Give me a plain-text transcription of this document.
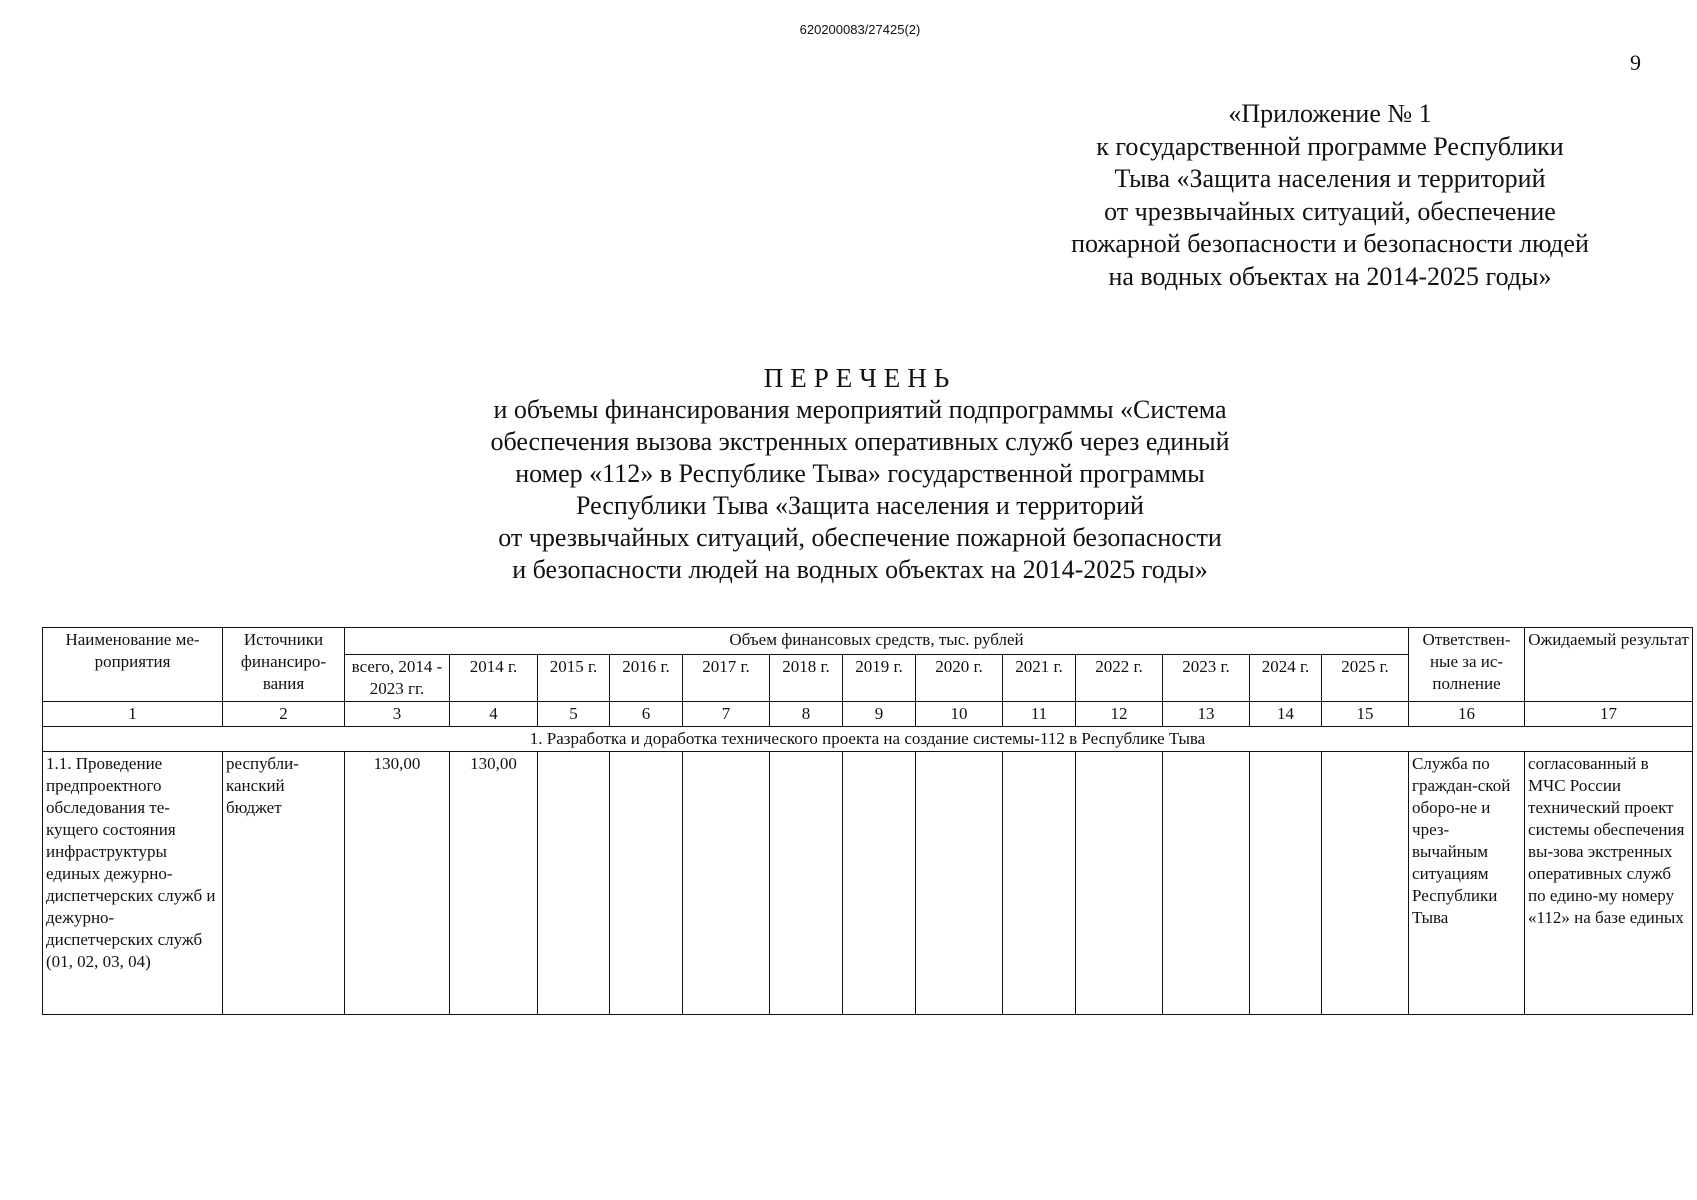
620200083/27425(2)
9
«Приложение № 1
к государственной программе Республики
Тыва «Защита населения и территорий
от чрезвычайных ситуаций, обеспечение
пожарной безопасности и безопасности людей
на водных объектах на 2014-2025 годы»
ПЕРЕЧЕНЬ
и объемы финансирования мероприятий подпрограммы «Система
обеспечения вызова экстренных оперативных служб через единый
номер «112» в Республике Тыва» государственной программы
Республики Тыва «Защита населения и территорий
от чрезвычайных ситуаций, обеспечение пожарной безопасности
и безопасности людей на водных объектах на 2014-2025 годы»
Наименование ме-роприятия	Источники финансиро-вания	Объем финансовых средств, тыс. рублей													Ответствен-ные за ис-полнение	Ожидаемый результат
		всего, 2014 - 2023 гг.	2014 г.	2015 г.	2016 г.	2017 г.	2018 г.	2019 г.	2020 г.	2021 г.	2022 г.	2023 г.	2024 г.	2025 г.		
1	2	3	4	5	6	7	8	9	10	11	12	13	14	15	16	17
1. Разработка и доработка технического проекта на создание системы-112 в Республике Тыва																
1.1. Проведение предпроектного обследования те-кущего состояния инфраструктуры единых дежурно-диспетчерских служб и дежурно-диспетчерских служб (01, 02, 03, 04)	республи-канский бюджет	130,00	130,00												Служба по граждан-ской оборо-не и чрез-вычайным ситуациям Республики Тыва	согласованный в МЧС России технический проект системы обеспечения вы-зова экстренных оперативных служб по едино-му номеру «112» на базе единых
